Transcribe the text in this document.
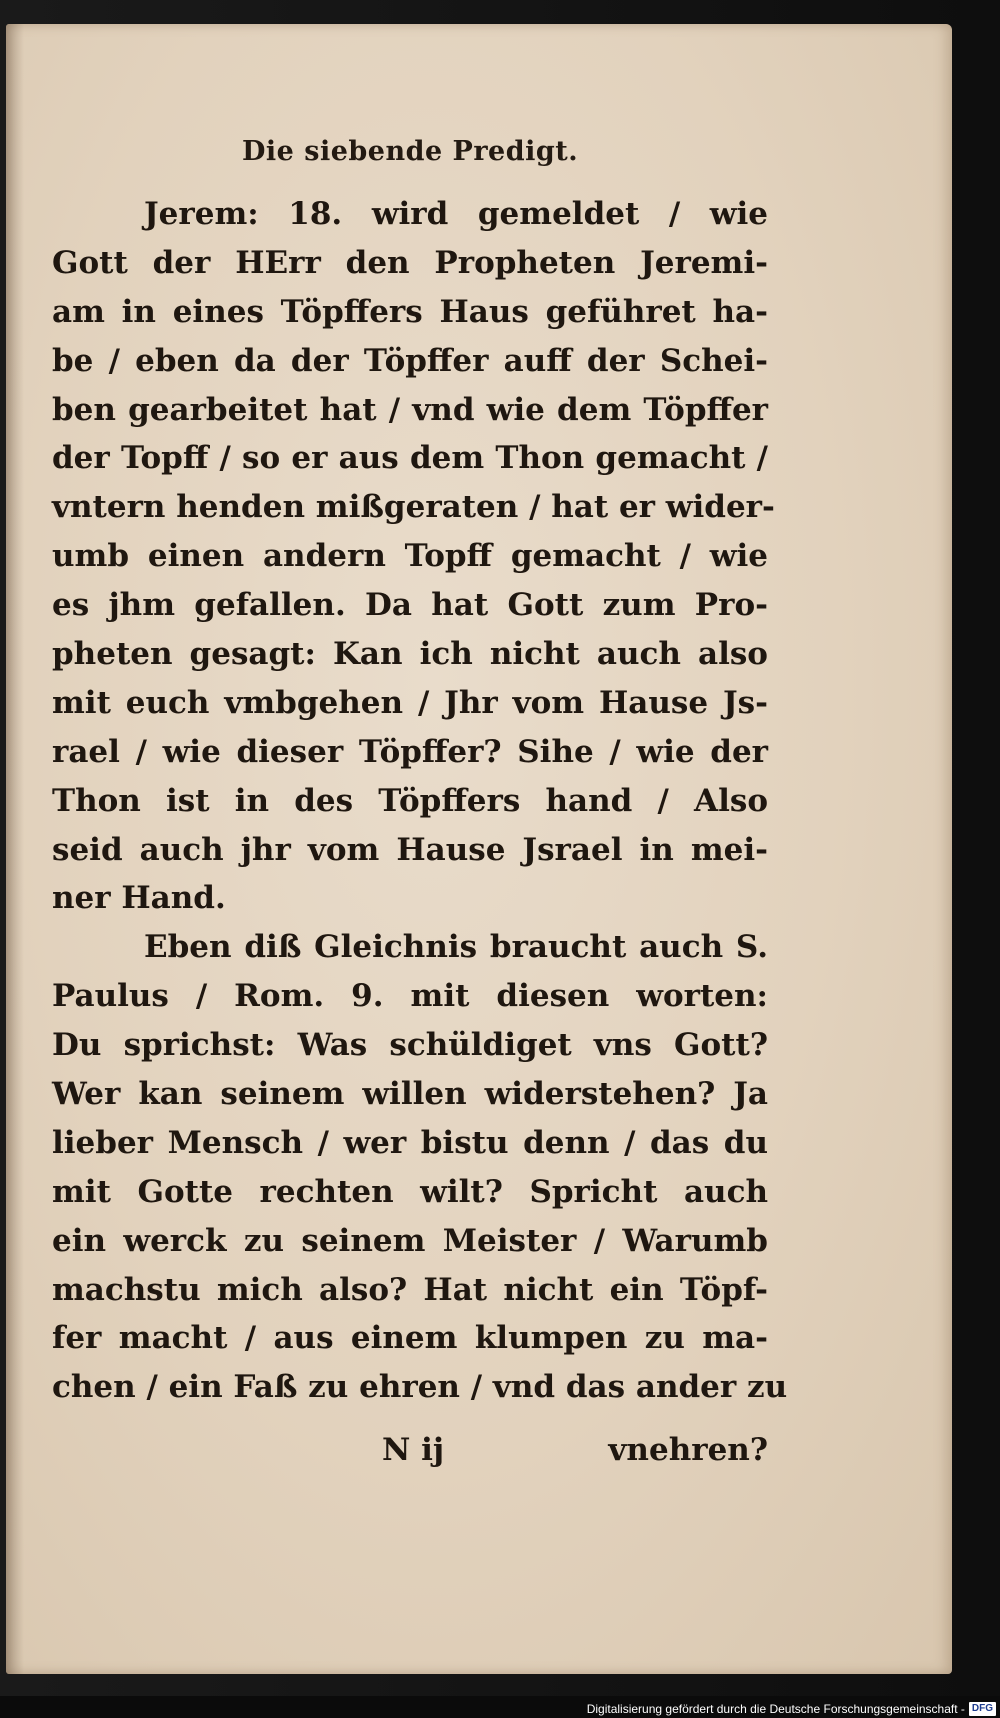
Die siebende Predigt.
Jerem: 18. wird gemeldet / wie
Gott der HErr den Propheten Jeremi-
am in eines Töpffers Haus geführet ha-
be / eben da der Töpffer auff der Schei-
ben gearbeitet hat / vnd wie dem Töpffer
der Topff / so er aus dem Thon gemacht /
vntern henden mißgeraten / hat er wider-
umb einen andern Topff gemacht / wie
es jhm gefallen. Da hat Gott zum Pro-
pheten gesagt: Kan ich nicht auch also
mit euch vmbgehen / Jhr vom Hause Js-
rael / wie dieser Töpffer? Sihe / wie der
Thon ist in des Töpffers hand / Also
seid auch jhr vom Hause Jsrael in mei-
ner Hand.
Eben diß Gleichnis braucht auch S.
Paulus / Rom. 9. mit diesen worten:
Du sprichst: Was schüldiget vns Gott?
Wer kan seinem willen widerstehen? Ja
lieber Mensch / wer bistu denn / das du
mit Gotte rechten wilt? Spricht auch
ein werck zu seinem Meister / Warumb
machstu mich also? Hat nicht ein Töpf-
fer macht / aus einem klumpen zu ma-
chen / ein Faß zu ehren / vnd das ander zu
N ij	vnehren?
Digitalisierung gefördert durch die Deutsche Forschungsgemeinschaft - DFG
